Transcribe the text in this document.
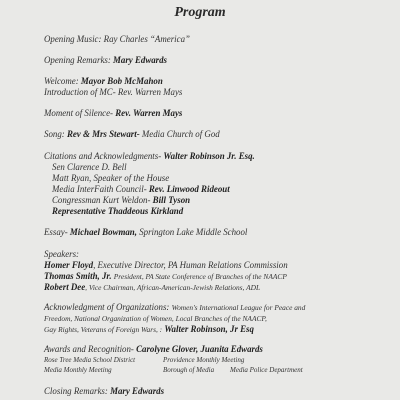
Program
Opening Music: Ray Charles “America”
Opening Remarks: Mary Edwards
Welcome: Mayor Bob McMahon
Introduction of MC- Rev. Warren Mays
Moment of Silence- Rev. Warren Mays
Song: Rev & Mrs Stewart- Media Church of God
Citations and Acknowledgments- Walter Robinson Jr. Esq.
Sen Clarence D. Bell
Matt Ryan, Speaker of the House
Media InterFaith Council- Rev. Linwood Rideout
Congressman Kurt Weldon- Bill Tyson
Representative Thaddeous Kirkland
Essay- Michael Bowman, Springton Lake Middle School
Speakers:
Homer Floyd, Executive Director, PA Human Relations Commission
Thomas Smith, Jr. President, PA State Conference of Branches of the NAACP
Robert Dee, Vice Chairman, African-American-Jewish Relations, ADL
Acknowledgment of Organizations: Women's International League for Peace and
Freedom, National Organization of Women, Local Branches of the NAACP,
Gay Rights, Veterans of Foreign Wars, : Walter Robinson, Jr Esq
Awards and Recognition- Carolyne Glover, Juanita Edwards
Rose Tree Media School District	Providence Monthly Meeting
Media Monthly Meeting	Borough of Media Media Police Department
Closing Remarks: Mary Edwards
